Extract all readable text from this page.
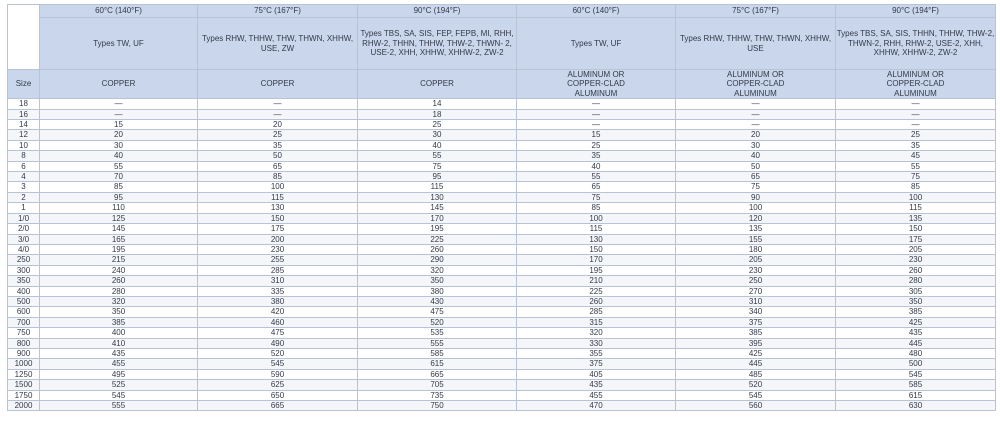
	60°C (140°F)	75°C (167°F)	90°C (194°F)	60°C (140°F)	75°C (167°F)	90°C (194°F)
	Types TW, UF	Types RHW, THHW, THW, THWN, XHHW, USE, ZW	Types TBS, SA, SIS, FEP, FEPB, MI, RHH, RHW-2, THHN, THHW, THW-2, THWN- 2, USE-2, XHH, XHHW, XHHW-2, ZW-2	Types TW, UF	Types RHW, THHW, THW, THWN, XHHW, USE	Types TBS, SA, SIS, THHN, THHW, THW-2, THWN-2, RHH, RHW-2, USE-2, XHH, XHHW, XHHW-2, ZW-2
Size	COPPER	COPPER	COPPER	ALUMINUM OR COPPER-CLAD ALUMINUM	ALUMINUM OR COPPER-CLAD ALUMINUM	ALUMINUM OR COPPER-CLAD ALUMINUM
18	—	—	14	—	—	—
16	—	—	18	—	—	—
14	15	20	25	—	—	—
12	20	25	30	15	20	25
10	30	35	40	25	30	35
8	40	50	55	35	40	45
6	55	65	75	40	50	55
4	70	85	95	55	65	75
3	85	100	115	65	75	85
2	95	115	130	75	90	100
1	110	130	145	85	100	115
1/0	125	150	170	100	120	135
2/0	145	175	195	115	135	150
3/0	165	200	225	130	155	175
4/0	195	230	260	150	180	205
250	215	255	290	170	205	230
300	240	285	320	195	230	260
350	260	310	350	210	250	280
400	280	335	380	225	270	305
500	320	380	430	260	310	350
600	350	420	475	285	340	385
700	385	460	520	315	375	425
750	400	475	535	320	385	435
800	410	490	555	330	395	445
900	435	520	585	355	425	480
1000	455	545	615	375	445	500
1250	495	590	665	405	485	545
1500	525	625	705	435	520	585
1750	545	650	735	455	545	615
2000	555	665	750	470	560	630
